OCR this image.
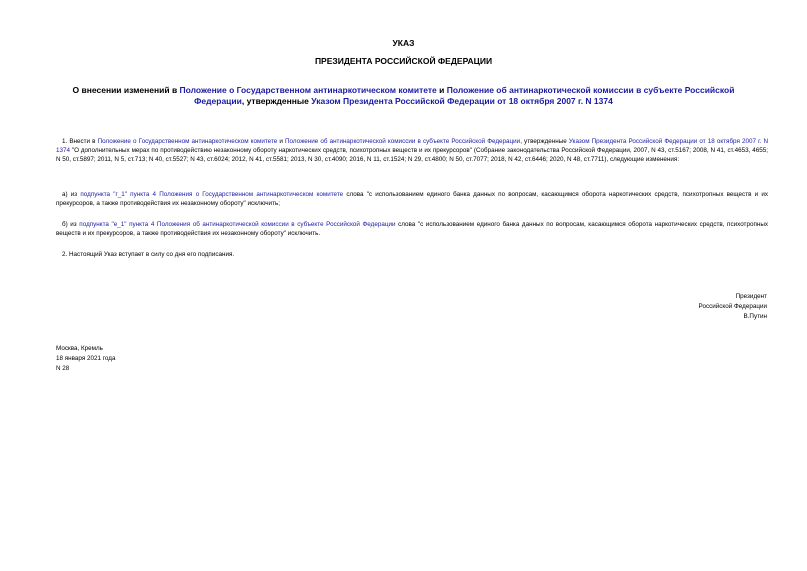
УКАЗ
ПРЕЗИДЕНТА РОССИЙСКОЙ ФЕДЕРАЦИИ
О внесении изменений в Положение о Государственном антинаркотическом комитете и Положение об антинаркотической комиссии в субъекте Российской Федерации, утвержденные Указом Президента Российской Федерации от 18 октября 2007 г. N 1374
1. Внести в Положение о Государственном антинаркотическом комитете и Положение об антинаркотической комиссии в субъекте Российской Федерации, утвержденные Указом Президента Российской Федерации от 18 октября 2007 г. N 1374 "О дополнительных мерах по противодействию незаконному обороту наркотических средств, психотропных веществ и их прекурсоров" (Собрание законодательства Российской Федерации, 2007, N 43, ст.5167; 2008, N 41, ст.4653, 4655; N 50, ст.5897; 2011, N 5, ст.713; N 40, ст.5527; N 43, ст.6024; 2012, N 41, ст.5581; 2013, N 30, ст.4090; 2016, N 11, ст.1524; N 29, ст.4800; N 50, ст.7077; 2018, N 42, ст.6446; 2020, N 48, ст.7711), следующие изменения:
а) из подпункта "г_1" пункта 4 Положения о Государственном антинаркотическом комитете слова "с использованием единого банка данных по вопросам, касающимся оборота наркотических средств, психотропных веществ и их прекурсоров, а также противодействия их незаконному обороту" исключить;
б) из подпункта "е_1" пункта 4 Положения об антинаркотической комиссии в субъекте Российской Федерации слова "с использованием единого банка данных по вопросам, касающимся оборота наркотических средств, психотропных веществ и их прекурсоров, а также противодействия их незаконному обороту" исключить.
2. Настоящий Указ вступает в силу со дня его подписания.
Президент
Российской Федерации
В.Путин
Москва, Кремль
18 января 2021 года
N 28
